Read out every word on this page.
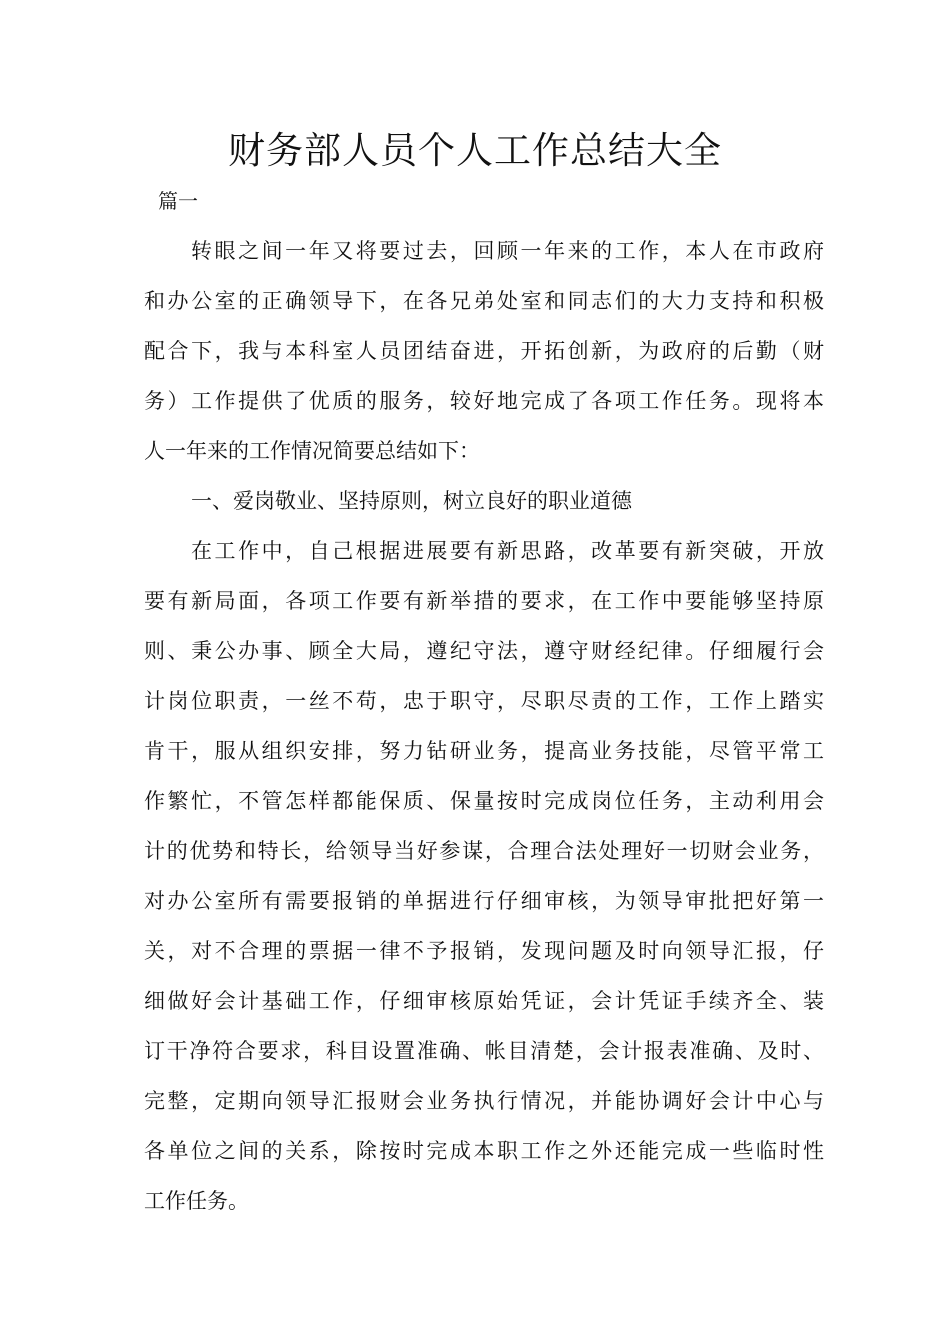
财务部人员个人工作总结大全

篇一

转眼之间一年又将要过去，回顾一年来的工作，本人在市政府

和办公室的正确领导下，在各兄弟处室和同志们的大力支持和积极

配合下，我与本科室人员团结奋进，开拓创新，为政府的后勤（财

务）工作提供了优质的服务，较好地完成了各项工作任务。现将本

人一年来的工作情况简要总结如下：

一、爱岗敬业、坚持原则，树立良好的职业道德

在工作中，自己根据进展要有新思路，改革要有新突破，开放

要有新局面，各项工作要有新举措的要求，在工作中要能够坚持原

则、秉公办事、顾全大局，遵纪守法，遵守财经纪律。仔细履行会

计岗位职责，一丝不苟，忠于职守，尽职尽责的工作，工作上踏实

肯干，服从组织安排，努力钻研业务，提高业务技能，尽管平常工

作繁忙，不管怎样都能保质、保量按时完成岗位任务，主动利用会

计的优势和特长，给领导当好参谋，合理合法处理好一切财会业务，

对办公室所有需要报销的单据进行仔细审核，为领导审批把好第一

关，对不合理的票据一律不予报销，发现问题及时向领导汇报，仔

细做好会计基础工作，仔细审核原始凭证，会计凭证手续齐全、装

订干净符合要求，科目设置准确、帐目清楚，会计报表准确、及时、

完整，定期向领导汇报财会业务执行情况，并能协调好会计中心与

各单位之间的关系，除按时完成本职工作之外还能完成一些临时性

工作任务。
